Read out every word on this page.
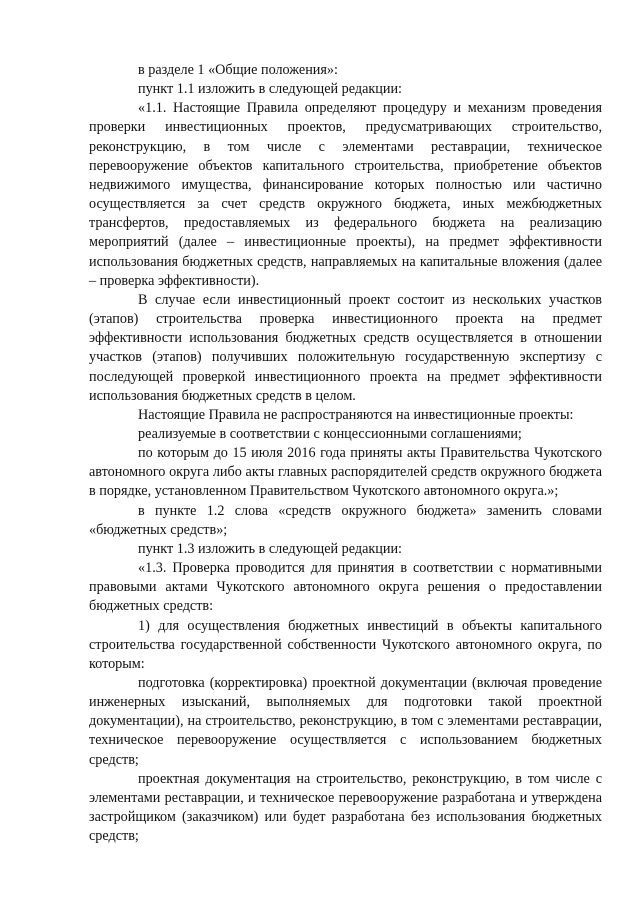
в разделе 1 «Общие положения»:

пункт 1.1 изложить в следующей редакции:

«1.1. Настоящие Правила определяют процедуру и механизм проведения проверки инвестиционных проектов, предусматривающих строительство, реконструкцию, в том числе с элементами реставрации, техническое перевооружение объектов капитального строительства, приобретение объектов недвижимого имущества, финансирование которых полностью или частично осуществляется за счет средств окружного бюджета, иных межбюджетных трансфертов, предоставляемых из федерального бюджета на реализацию мероприятий (далее – инвестиционные проекты), на предмет эффективности использования бюджетных средств, направляемых на капитальные вложения (далее – проверка эффективности).

В случае если инвестиционный проект состоит из нескольких участков (этапов) строительства проверка инвестиционного проекта на предмет эффективности использования бюджетных средств осуществляется в отношении участков (этапов) получивших положительную государственную экспертизу с последующей проверкой инвестиционного проекта на предмет эффективности использования бюджетных средств в целом.

Настоящие Правила не распространяются на инвестиционные проекты:

реализуемые в соответствии с концессионными соглашениями;

по которым до 15 июля 2016 года приняты акты Правительства Чукотского автономного округа либо акты главных распорядителей средств окружного бюджета в порядке, установленном Правительством Чукотского автономного округа.»;

в пункте 1.2 слова «средств окружного бюджета» заменить словами «бюджетных средств»;

пункт 1.3 изложить в следующей редакции:

«1.3. Проверка проводится для принятия в соответствии с нормативными правовыми актами Чукотского автономного округа решения о предоставлении бюджетных средств:

1) для осуществления бюджетных инвестиций в объекты капитального строительства государственной собственности Чукотского автономного округа, по которым:

подготовка (корректировка) проектной документации (включая проведение инженерных изысканий, выполняемых для подготовки такой проектной документации), на строительство, реконструкцию, в том с элементами реставрации, техническое перевооружение осуществляется с использованием бюджетных средств;

проектная документация на строительство, реконструкцию, в том числе с элементами реставрации, и техническое перевооружение разработана и утверждена застройщиком (заказчиком) или будет разработана без использования бюджетных средств;
